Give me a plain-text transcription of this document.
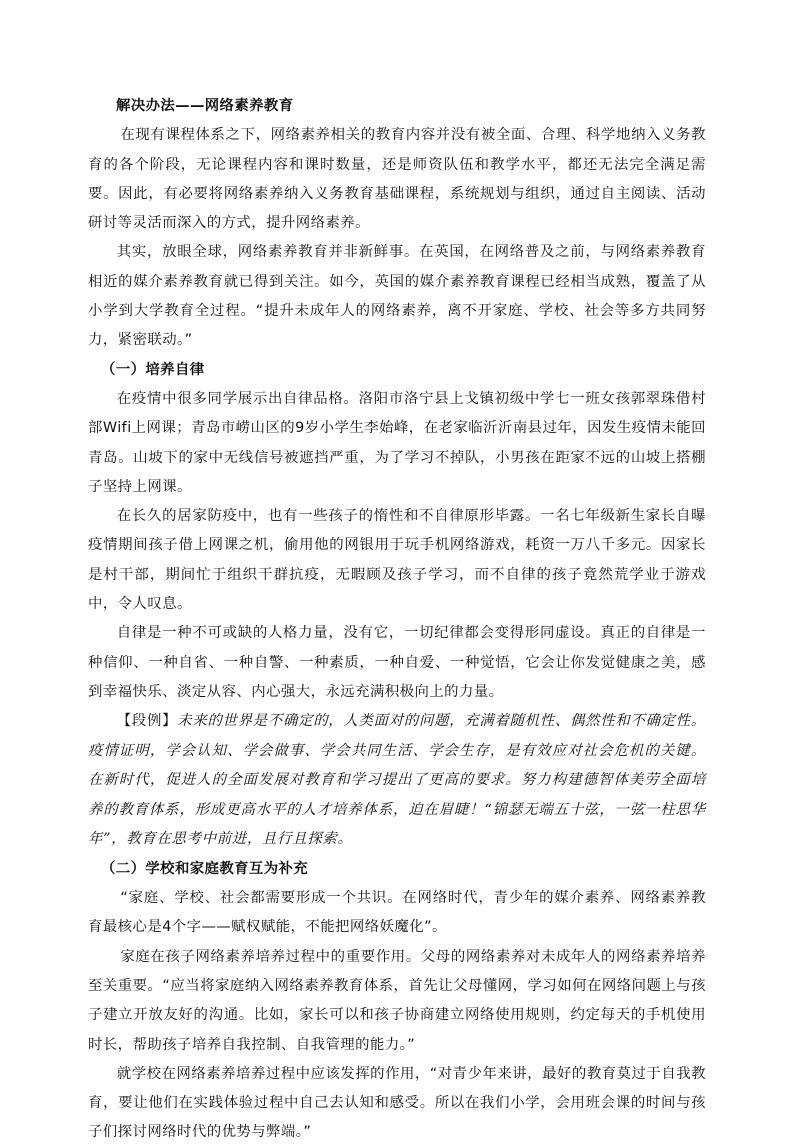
解决办法——网络素养教育

在现有课程体系之下，网络素养相关的教育内容并没有被全面、合理、科学地纳入义务教育的各个阶段，无论课程内容和课时数量，还是师资队伍和教学水平，都还无法完全满足需要。因此，有必要将网络素养纳入义务教育基础课程，系统规划与组织，通过自主阅读、活动研讨等灵活而深入的方式，提升网络素养。

其实，放眼全球，网络素养教育并非新鲜事。在英国，在网络普及之前，与网络素养教育相近的媒介素养教育就已得到关注。如今，英国的媒介素养教育课程已经相当成熟，覆盖了从小学到大学教育全过程。“提升未成年人的网络素养，离不开家庭、学校、社会等多方共同努力，紧密联动。”

（一）培养自律

在疫情中很多同学展示出自律品格。洛阳市洛宁县上戈镇初级中学七一班女孩郭翠珠借村部Wifi上网课；青岛市崂山区的9岁小学生李始峰，在老家临沂沂南县过年，因发生疫情未能回青岛。山坡下的家中无线信号被遮挡严重，为了学习不掉队，小男孩在距家不远的山坡上搭棚子坚持上网课。

在长久的居家防疫中，也有一些孩子的惰性和不自律原形毕露。一名七年级新生家长自曝疫情期间孩子借上网课之机，偷用他的网银用于玩手机网络游戏，耗资一万八千多元。因家长是村干部，期间忙于组织干群抗疫，无暇顾及孩子学习，而不自律的孩子竟然荒学业于游戏中，令人叹息。

自律是一种不可或缺的人格力量，没有它，一切纪律都会变得形同虚设。真正的自律是一种信仰、一种自省、一种自警、一种素质，一种自爱、一种觉悟，它会让你发觉健康之美，感到幸福快乐、淡定从容、内心强大，永远充满积极向上的力量。

【段例】未来的世界是不确定的，人类面对的问题，充满着随机性、偶然性和不确定性。疫情证明，学会认知、学会做事、学会共同生活、学会生存，是有效应对社会危机的关键。在新时代，促进人的全面发展对教育和学习提出了更高的要求。努力构建德智体美劳全面培养的教育体系，形成更高水平的人才培养体系，迫在眉睫！“锦瑟无端五十弦，一弦一柱思华年”，教育在思考中前进，且行且探索。

（二）学校和家庭教育互为补充

“家庭、学校、社会都需要形成一个共识。在网络时代，青少年的媒介素养、网络素养教育最核心是4个字——赋权赋能，不能把网络妖魔化”。

家庭在孩子网络素养培养过程中的重要作用。父母的网络素养对未成年人的网络素养培养至关重要。“应当将家庭纳入网络素养教育体系，首先让父母懂网，学习如何在网络问题上与孩子建立开放友好的沟通。比如，家长可以和孩子协商建立网络使用规则，约定每天的手机使用时长，帮助孩子培养自我控制、自我管理的能力。”

就学校在网络素养培养过程中应该发挥的作用，“对青少年来讲，最好的教育莫过于自我教育，要让他们在实践体验过程中自己去认知和感受。所以在我们小学，会用班会课的时间与孩子们探讨网络时代的优势与弊端。”
